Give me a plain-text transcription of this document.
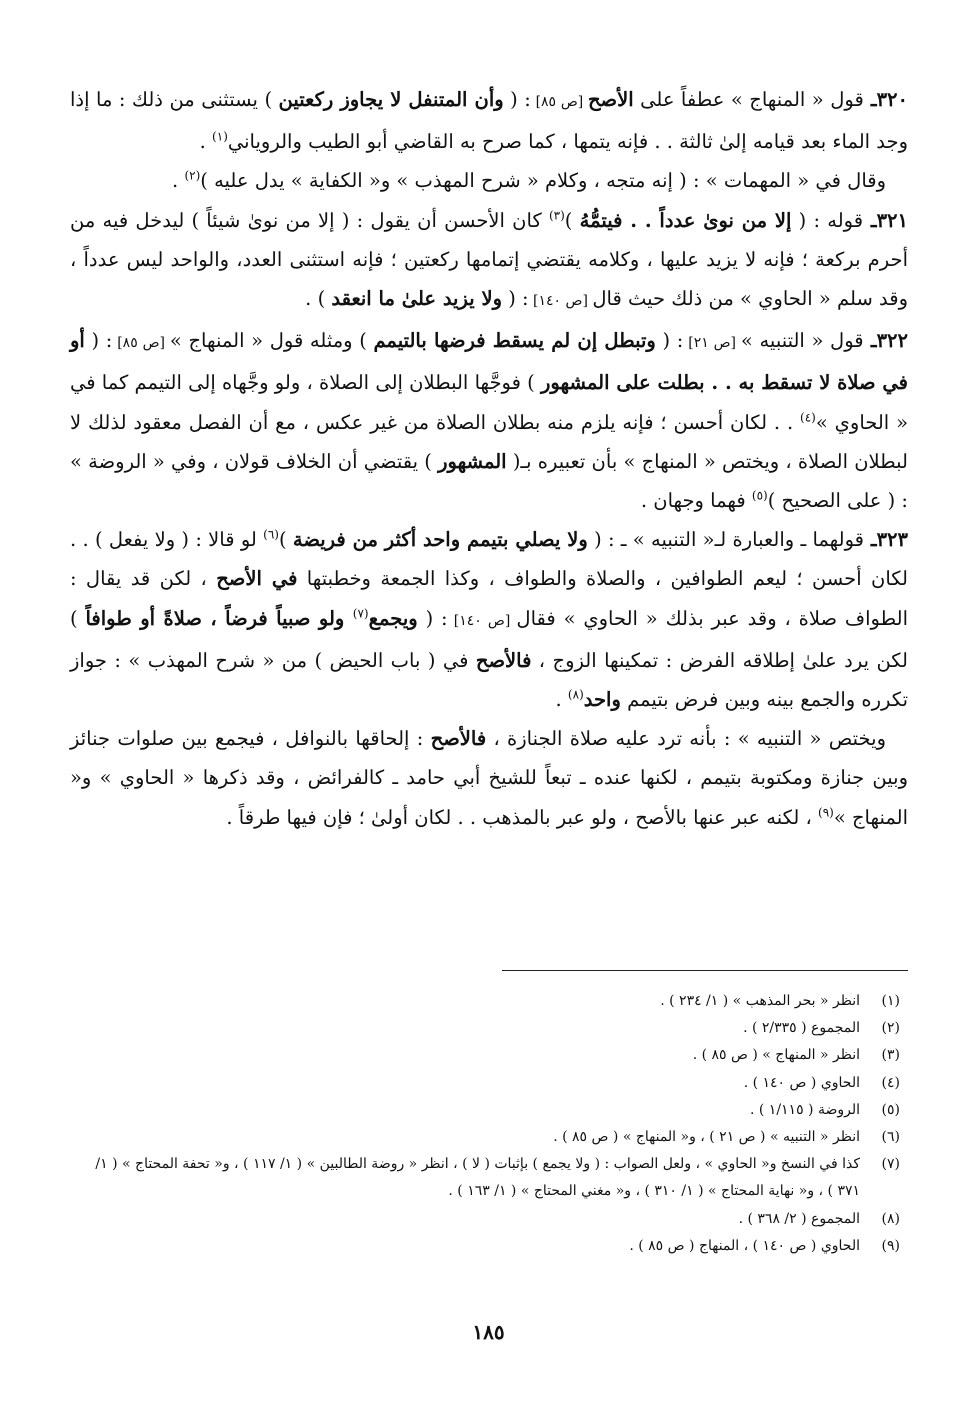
٣٢٠ـ قول « المنهاج » عطفاً على الأصح [ص ٨٥] : ( وأن المتنفل لا يجاوز ركعتين ) يستثنى من ذلك : ما إذا وجد الماء بعد قيامه إلىٰ ثالثة . . فإنه يتمها ، كما صرح به القاضي أبو الطيب والروياني$^{(١)}$ .

وقال في « المهمات » : ( إنه متجه ، وكلام « شرح المهذب » و« الكفاية » يدل عليه )$^{(٢)}$ .

٣٢١ـ قوله : ( إلا من نوىٰ عدداً . . فيتمُّهُ )$^{(٣)}$ كان الأحسن أن يقول : ( إلا من نوىٰ شيئاً ) ليدخل فيه من أحرم بركعة ؛ فإنه لا يزيد عليها ، وكلامه يقتضي إتمامها ركعتين ؛ فإنه استثنى العدد، والواحد ليس عدداً ، وقد سلم « الحاوي » من ذلك حيث قال [ص ١٤٠] : ( ولا يزيد علىٰ ما انعقد ) .

٣٢٢ـ قول « التنبيه » [ص ٢١] : ( وتبطل إن لم يسقط فرضها بالتيمم ) ومثله قول « المنهاج » [ص ٨٥] : ( أو في صلاة لا تسقط به . . بطلت على المشهور ) فوجَّها البطلان إلى الصلاة ، ولو وجَّهاه إلى التيمم كما في « الحاوي »$^{(٤)}$ . . لكان أحسن ؛ فإنه يلزم منه بطلان الصلاة من غير عكس ، مع أن الفصل معقود لذلك لا لبطلان الصلاة ، ويختص « المنهاج » بأن تعبيره بـ( المشهور ) يقتضي أن الخلاف قولان ، وفي « الروضة » : ( على الصحيح )$^{(٥)}$ فهما وجهان .

٣٢٣ـ قولهما ـ والعبارة لـ« التنبيه » ـ : ( ولا يصلي بتيمم واحد أكثر من فريضة )$^{(٦)}$ لو قالا : ( ولا يفعل ) . . لكان أحسن ؛ ليعم الطوافين ، والصلاة والطواف ، وكذا الجمعة وخطبتها في الأصح ، لكن قد يقال : الطواف صلاة ، وقد عبر بذلك « الحاوي » فقال [ص ١٤٠] : ( ويجمع$^{(٧)}$ ولو صبياً فرضاً ، صلاةً أو طوافاً ) لكن يرد علىٰ إطلاقه الفرض : تمكينها الزوج ، فالأصح في ( باب الحيض ) من « شرح المهذب » : جواز تكرره والجمع بينه وبين فرض بتيمم واحد$^{(٨)}$ .

ويختص « التنبيه » : بأنه ترد عليه صلاة الجنازة ، فالأصح : إلحاقها بالنوافل ، فيجمع بين صلوات جنائز وبين جنازة ومكتوبة بتيمم ، لكنها عنده ـ تبعاً للشيخ أبي حامد ـ كالفرائض ، وقد ذكرها « الحاوي » و« المنهاج »$^{(٩)}$ ، لكنه عبر عنها بالأصح ، ولو عبر بالمذهب . . لكان أولىٰ ؛ فإن فيها طرقاً .

(١)
انظر « بحر المذهب » ( ١/ ٢٣٤ ) .
(٢)
المجموع ( ٢/٣٣٥ ) .
(٣)
انظر « المنهاج » ( ص ٨٥ ) .
(٤)
الحاوي ( ص ١٤٠ ) .
(٥)
الروضة ( ١/١١٥ ) .
(٦)
انظر « التنبيه » ( ص ٢١ ) ، و« المنهاج » ( ص ٨٥ ) .
(٧)
كذا في النسخ و« الحاوي » ، ولعل الصواب : ( ولا يجمع ) بإثبات ( لا ) ، انظر « روضة الطالبين » ( ١/ ١١٧ ) ، و« تحفة المحتاج » ( ١/ ٣٧١ ) ، و« نهاية المحتاج » ( ١/ ٣١٠ ) ، و« مغني المحتاج » ( ١/ ١٦٣ ) .
(٨)
المجموع ( ٢/ ٣٦٨ ) .
(٩)
الحاوي ( ص ١٤٠ ) ، المنهاج ( ص ٨٥ ) .
١٨٥
